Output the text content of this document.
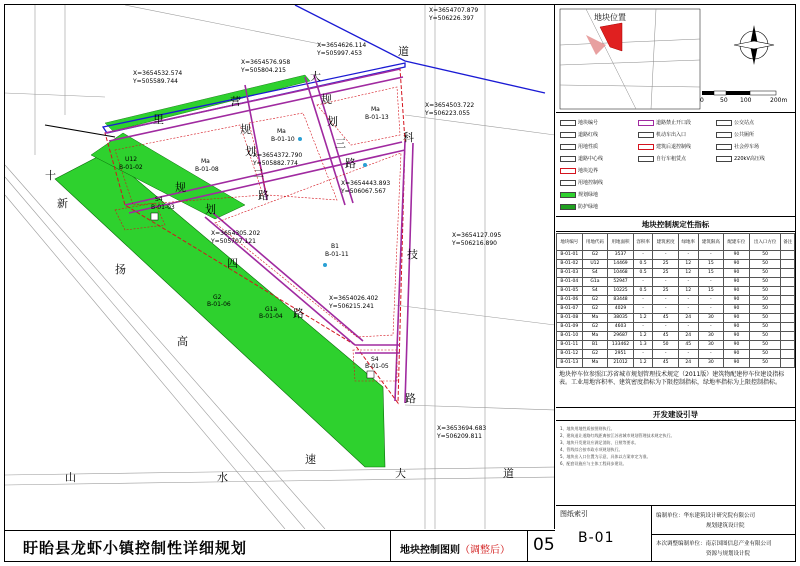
道
大
营
里
规
划
三
路
规
划
二
路
科
技
路
规
划
四
路
十
新
扬
高
速
大	道
山	水
X=3654707.879
Y=506226.397
X=3654626.114
Y=505997.453
X=3654576.958
Y=505804.215
X=3654532.574
Y=505589.744
X=3654503.722
Y=506223.055
X=3654372.790
Y=505882.774
X=3654443.893
Y=506067.567
X=3654305.202
Y=505707.121
X=3654127.095
Y=506216.890
X=3654026.402
Y=506215.241
X=3653694.683
Y=506209.811
U12
B-01-02
Ma
B-01-08
Ma
B-01-10
Ma
B-01-13
S4
B-01-03
B1
B-01-11
G1a
B-01-04
G2
B-01-06
S4
B-01-05
盱眙县龙虾小镇控制性详细规划	地块控制图则（调整后） 05
地块位置
0	50 100	200m
地块编号
道路红线
用地性质
道路中心线
地块边界
用地控制线
规划绿地
防护绿地
道路禁止开口段
机动车出入口
建筑后退控制线
自行车租赁点
公交站点
公共厕所
社会停车场
220kV高压线
地块控制规定性指标
地块编号	用地代码	用地面积	容积率	建筑密度	绿地率	建筑限高	配建车位	出入口方位	备注
B-01-01	G2	3537	-	-	-	-	90	50	
B-01-02	U12	14469	0.5	25	12	15	90	50	
B-01-03	S4	10468	0.5	25	12	15	90	50	
B-01-04	G1a	52947	-	-	-	-	90	50	
B-01-05	S4	10225	0.5	25	12	15	90	50	
B-01-06	G2	83448	-	-	-	-	90	50	
B-01-07	G2	4029	-	-	-	-	90	50	
B-01-08	Ma	38035	1.2	45	24	30	90	50	
B-01-09	G2	4603	-	-	-	-	90	50	
B-01-10	Ma	29687	1.2	45	24	30	90	50	
B-01-11	B1	133462	1.3	50	45	30	90	50	
B-01-12	G2	2951	-	-	-	-	90	50	
B-01-13	Ma	21012	1.2	45	24	30	90	50	
地块停车位参照江苏省城市规划管理技术规定（2011版）建筑物配建停车位建设指标表。工业用地容积率、建筑密度指标为下限控制指标，绿地率指标为上限控制指标。
开发建设引导
1、地块用地性质按图则执行。
2、建筑退让道路红线距离按江苏省城市规划管理技术规定执行。
3、地块开发建设应满足消防、日照等要求。
4、管线综合按市政专项规划执行。
5、地块出入口位置为示意，具体以方案审定为准。
6、配套设施应与主体工程同步建设。
图纸索引
B-01
编制单位：华东建筑设计研究院有限公司
规划建筑设计院
本次调整编制单位：南京国图信息产业有限公司
资源与规划设计院
